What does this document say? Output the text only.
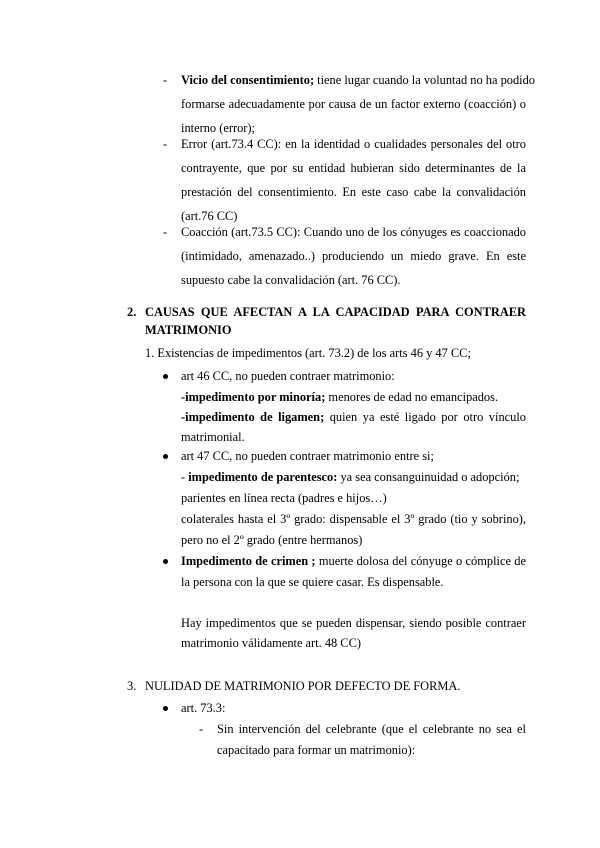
- Vicio del consentimiento; tiene lugar cuando la voluntad no ha podido
formarse adecuadamente por causa de un factor externo (coacción) o
interno (error);
- Error (art.73.4 CC): en la identidad o cualidades personales del otro
contrayente, que por su entidad hubieran sido determinantes de la
prestación del consentimiento. En este caso cabe la convalidación
(art.76 CC)
- Coacción (art.73.5 CC): Cuando uno de los cónyuges es coaccionado
(intimidado, amenazado..) produciendo un miedo grave. En este
supuesto cabe la convalidación (art. 76 CC).
2. CAUSAS QUE AFECTAN A LA CAPACIDAD PARA CONTRAER
MATRIMONIO
1. Existencias de impedimentos (art. 73.2) de los arts 46 y 47 CC;
art 46 CC, no pueden contraer matrimonio:
-impedimento por minoría; menores de edad no emancipados.
-impedimento de ligamen; quien ya esté ligado por otro vínculo
matrimonial.
art 47 CC, no pueden contraer matrimonio entre si;
- impedimento de parentesco: ya sea consanguinuidad o adopción;
parientes en línea recta (padres e hijos…)
colaterales hasta el 3º grado: dispensable el 3º grado (tio y sobrino),
pero no el 2º grado (entre hermanos)
Impedimento de crimen ; muerte dolosa del cónyuge o cómplice de
la persona con la que se quiere casar. Es dispensable.
Hay impedimentos que se pueden dispensar, siendo posible contraer
matrimonio válidamente art. 48 CC)
3. NULIDAD DE MATRIMONIO POR DEFECTO DE FORMA.
art. 73.3:
- Sin intervención del celebrante (que el celebrante no sea el
capacitado para formar un matrimonio):
